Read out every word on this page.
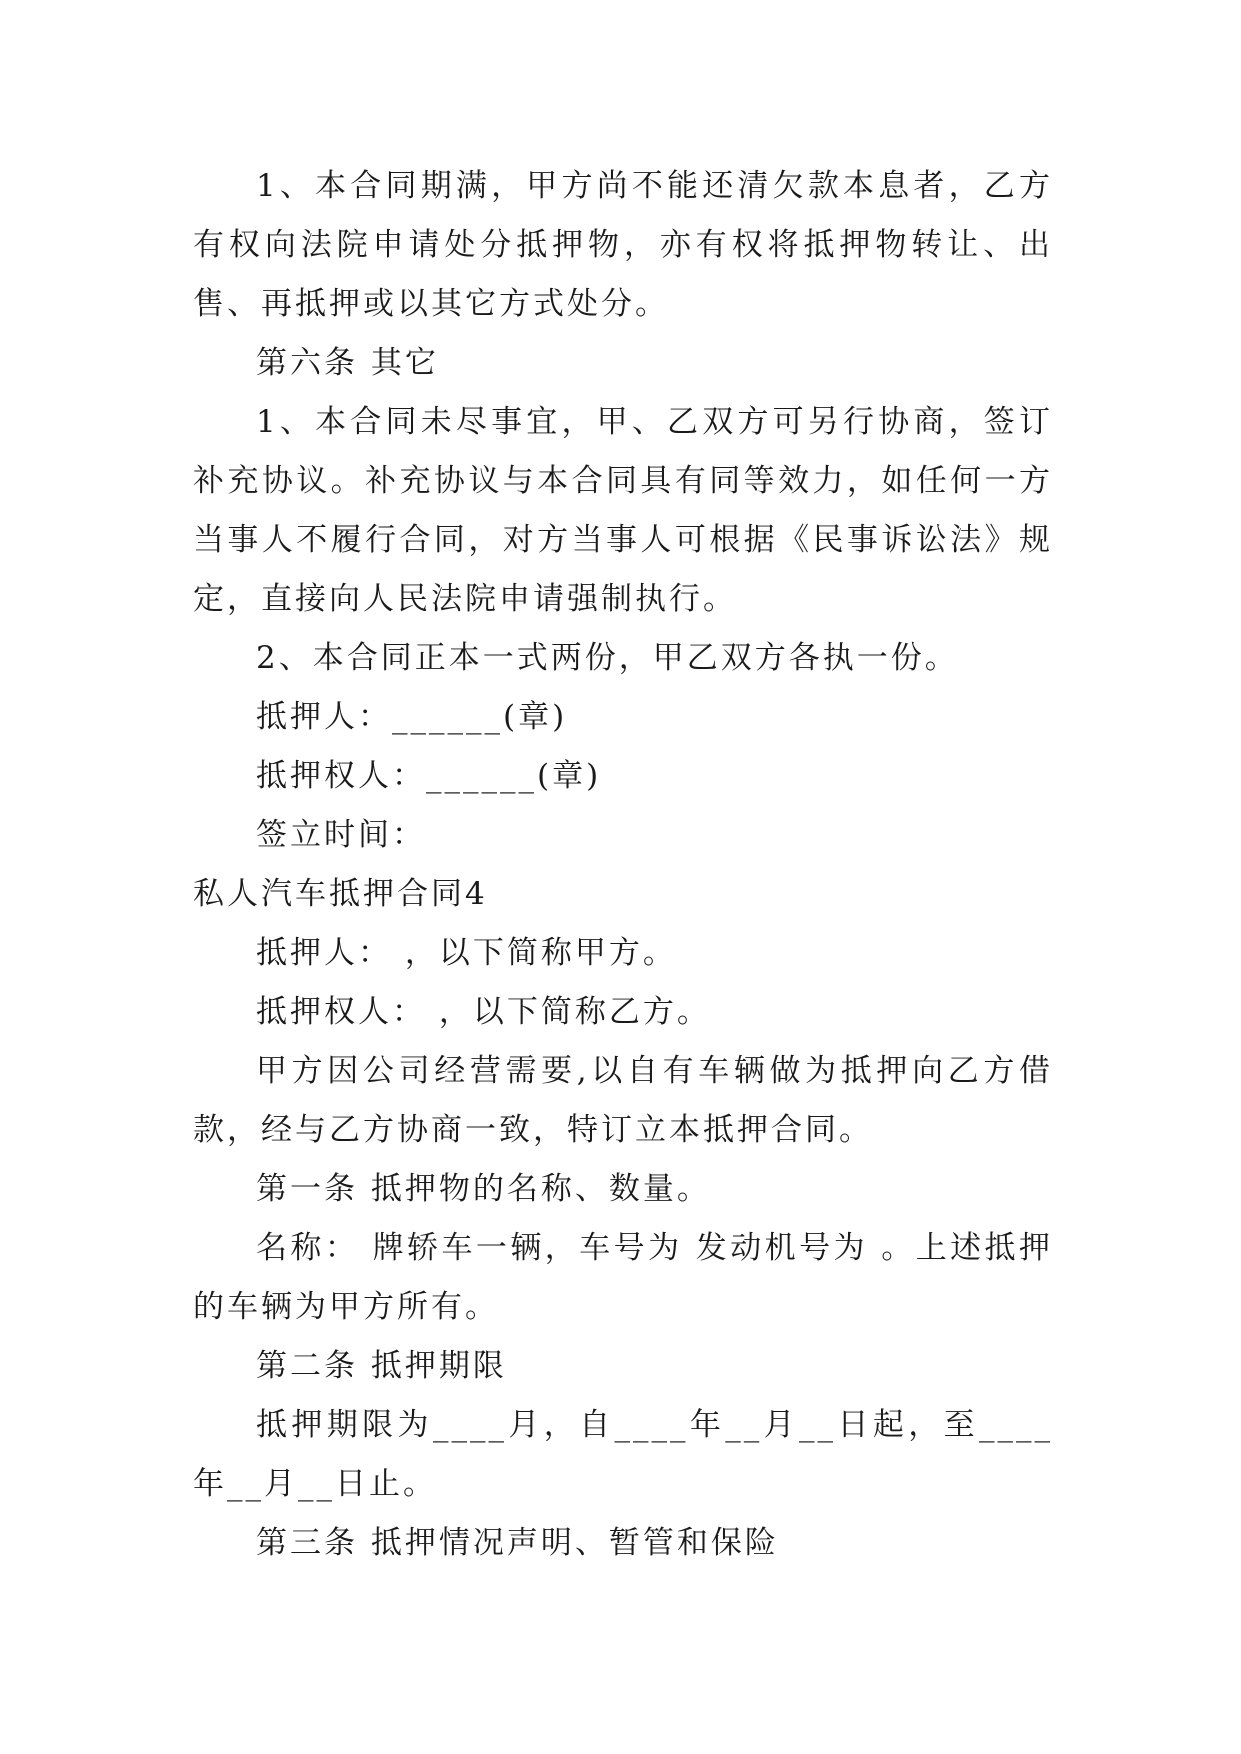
1、本合同期满，甲方尚不能还清欠款本息者，乙方有权向法院申请处分抵押物，亦有权将抵押物转让、出售、再抵押或以其它方式处分。

第六条 其它

1、本合同未尽事宜，甲、乙双方可另行协商，签订补充协议。补充协议与本合同具有同等效力，如任何一方当事人不履行合同，对方当事人可根据《民事诉讼法》规定，直接向人民法院申请强制执行。

2、本合同正本一式两份，甲乙双方各执一份。

抵押人：______(章)

抵押权人：______(章)

签立时间：

私人汽车抵押合同4

抵押人： ，以下简称甲方。

抵押权人： ，以下简称乙方。

甲方因公司经营需要,以自有车辆做为抵押向乙方借款，经与乙方协商一致，特订立本抵押合同。

第一条 抵押物的名称、数量。

名称： 牌轿车一辆，车号为 发动机号为 。上述抵押的车辆为甲方所有。

第二条 抵押期限

抵押期限为____月，自____年__月__日起，至____年__月__日止。

第三条 抵押情况声明、暂管和保险
